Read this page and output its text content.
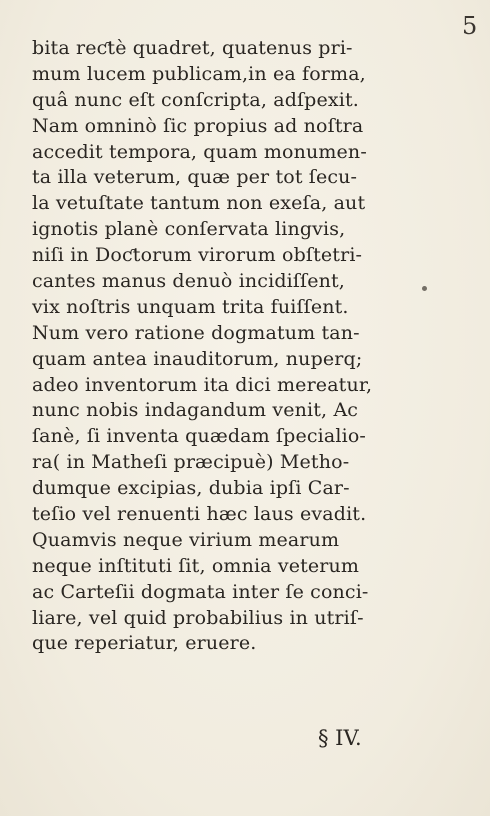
5
bita reƈtè quadret, quatenus pri-
mum lucem publicam,in ea forma,
quâ nunc eſt conſcripta, adſpexit.
Nam omninò ſic propius ad noſtra
accedit tempora, quam monumen-
ta illa veterum, quæ per tot ſecu-
la vetuſtate tantum non exeſa, aut
ignotis planè conſervata lingvis,
niſi in Doƈtorum virorum obſtetri-
cantes manus denuò incidiſſent,
vix noſtris unquam trita fuiſſent.
Num vero ratione dogmatum tan-
quam antea inauditorum, nuperq;
adeo inventorum ita dici mereatur,
nunc nobis indagandum venit, Ac
ſanè, ſi inventa quædam ſpecialio-
ra( in Matheſi præcipuè) Metho-
dumque excipias, dubia ipſi Car-
teſio vel renuenti hæc laus evadit.
Quamvis neque virium mearum
neque inſtituti ſit, omnia veterum
ac Carteſii dogmata inter ſe conci-
liare, vel quid probabilius in utriſ-
que reperiatur, eruere.
§ IV.
